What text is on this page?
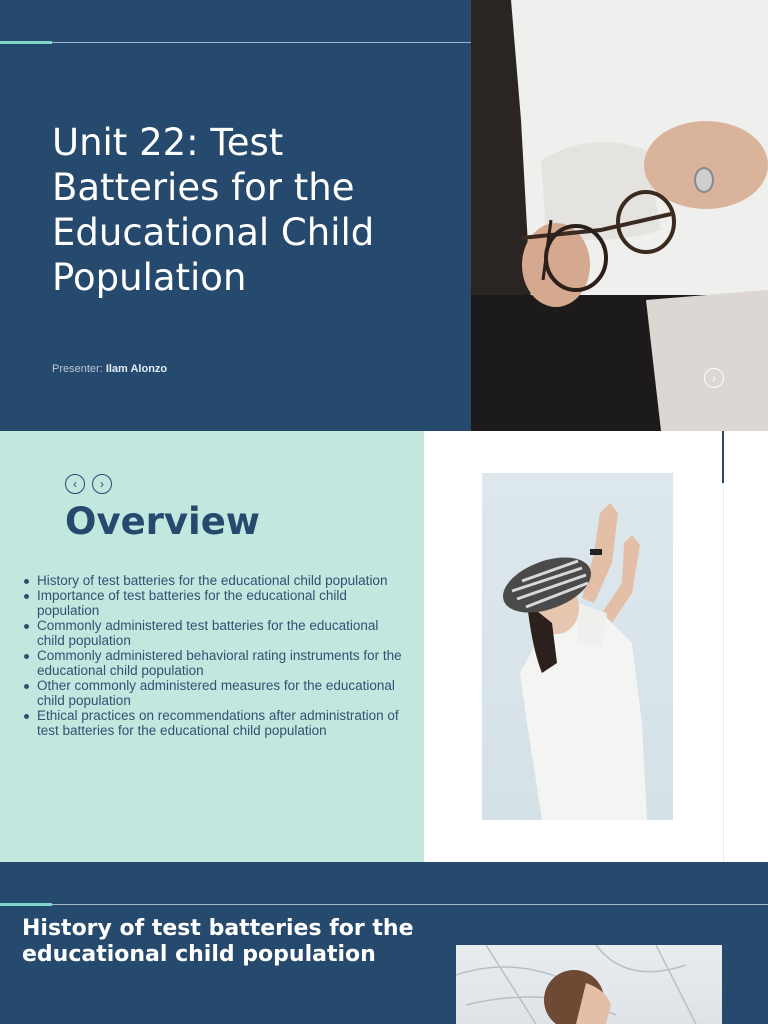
Unit 22: Test Batteries for the Educational Child Population
Presenter: Ilam Alonzo
›
‹ ›
Overview
History of test batteries for the educational child population
Importance of test batteries for the educational child population
Commonly administered test batteries for the educational child population
Commonly administered behavioral rating instruments for the educational child population
Other commonly administered measures for the educational child population
Ethical practices on recommendations after administration of test batteries for the educational child population
History of test batteries for the educational child population
